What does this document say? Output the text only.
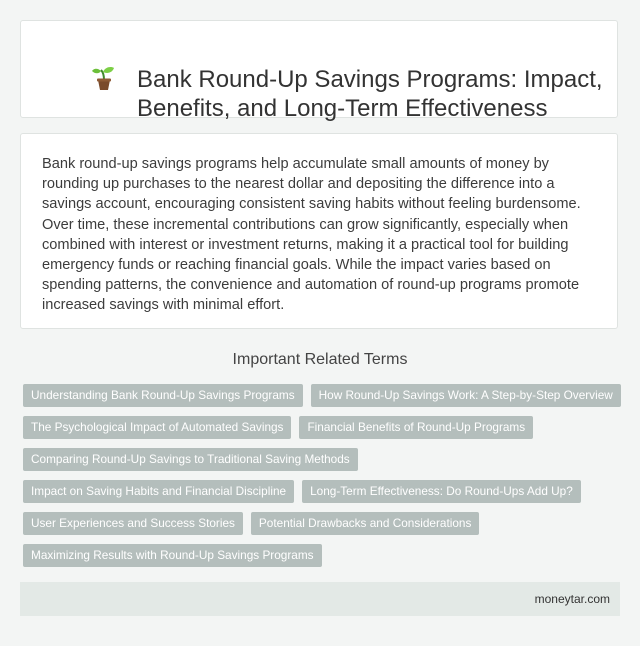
Bank Round-Up Savings Programs: Impact, Benefits, and Long-Term Effectiveness

Bank round-up savings programs help accumulate small amounts of money by rounding up purchases to the nearest dollar and depositing the difference into a savings account, encouraging consistent saving habits without feeling burdensome. Over time, these incremental contributions can grow significantly, especially when combined with interest or investment returns, making it a practical tool for building emergency funds or reaching financial goals. While the impact varies based on spending patterns, the convenience and automation of round-up programs promote increased savings with minimal effort.

Important Related Terms
Understanding Bank Round-Up Savings Programs	How Round-Up Savings Work: A Step-by-Step Overview
The Psychological Impact of Automated Savings	Financial Benefits of Round-Up Programs
Comparing Round-Up Savings to Traditional Saving Methods
Impact on Saving Habits and Financial Discipline	Long-Term Effectiveness: Do Round-Ups Add Up?
User Experiences and Success Stories	Potential Drawbacks and Considerations
Maximizing Results with Round-Up Savings Programs
moneytar.com
